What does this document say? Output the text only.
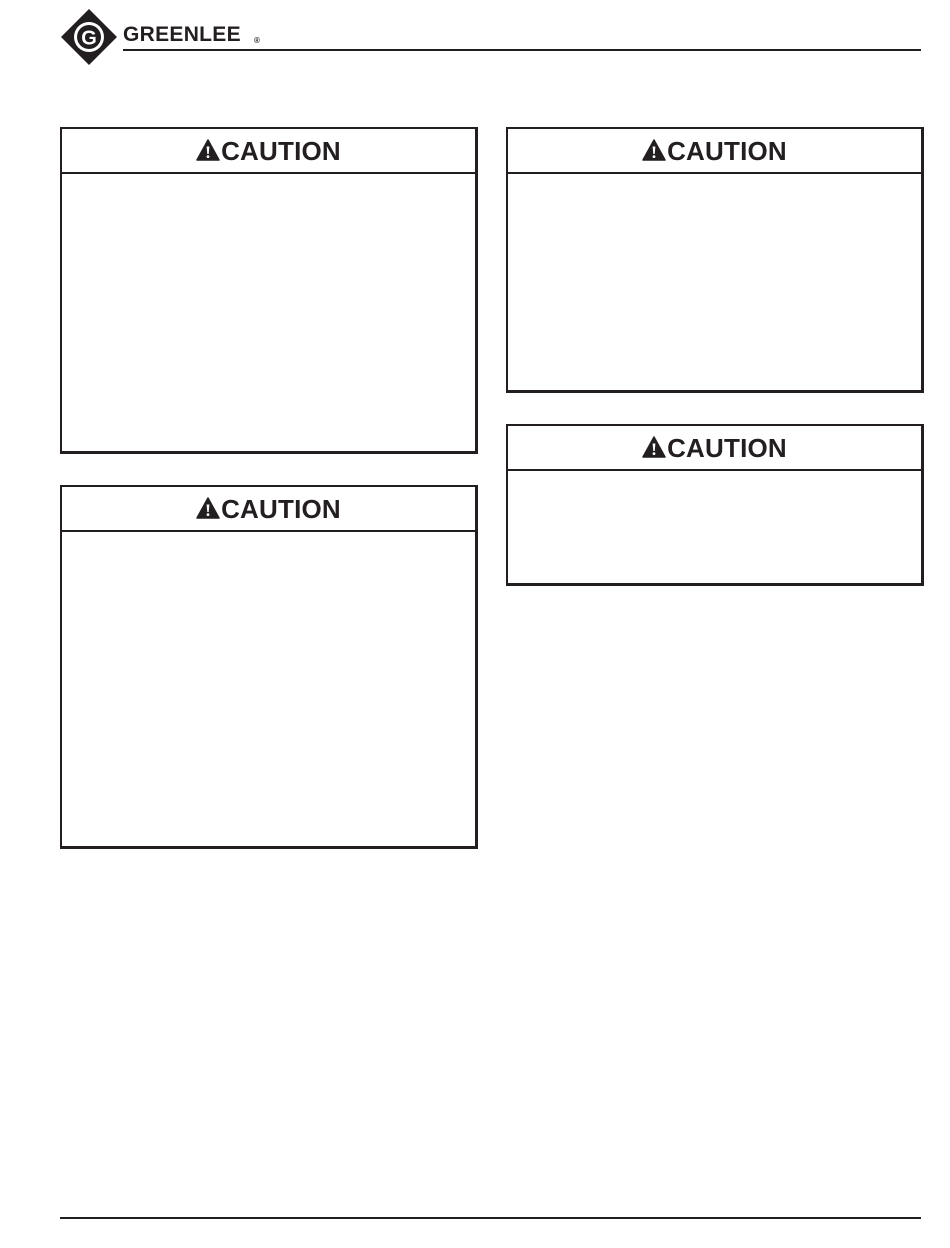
G GREENLEE ®
CAUTION
CAUTION
CAUTION
CAUTION
